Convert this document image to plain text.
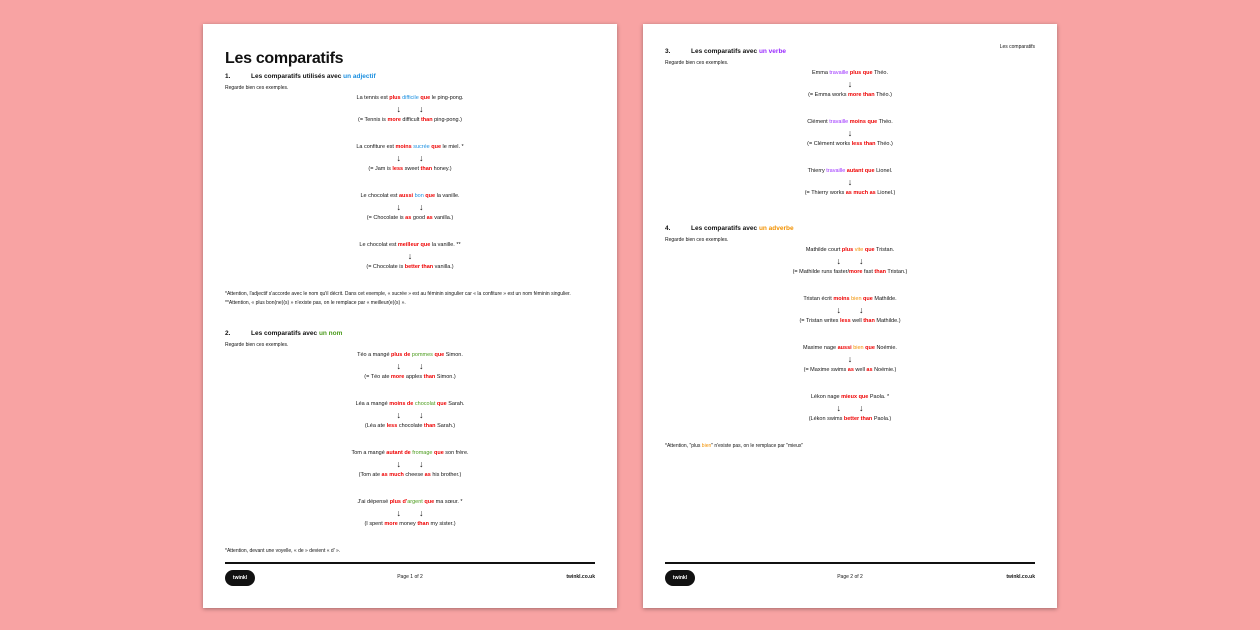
Les comparatifs
1.	Les comparatifs utilisés avec un adjectif
Regarde bien ces exemples.
La tennis est plus difficile que le ping-pong.
↓ ↓
(= Tennis is more difficult than ping-pong.)
La confiture est moins sucrée que le miel. *
↓ ↓
(= Jam is less sweet than honey.)
Le chocolat est aussi bon que la vanille.
↓ ↓
(= Chocolate is as good as vanilla.)
Le chocolat est meilleur que la vanille. **
↓
(= Chocolate is better than vanilla.)
*Attention, l'adjectif s'accorde avec le nom qu'il décrit. Dans cet exemple, « sucrée » est au féminin singulier car « la confiture » est un nom féminin singulier.
**Attention, « plus bon(ne)(s) » n'existe pas, on le remplace par « meilleur(e)(s) ».
2.	Les comparatifs avec un nom
Regarde bien ces exemples.
Téo a mangé plus de pommes que Simon.
↓ ↓
(= Téo ate more apples than Simon.)
Léa a mangé moins de chocolat que Sarah.
↓ ↓
(Léa ate less chocolate than Sarah.)
Tom a mangé autant de fromage que son frère.
↓ ↓
(Tom ate as much cheese as his brother.)
J'ai dépensé plus d'argent que ma sœur. *
↓ ↓
(I spent more money than my sister.)
*Attention, devant une voyelle, « de » devient « d' ».
twinkl	Page 1 of 2	twinkl.co.uk
Les comparatifs
3.	Les comparatifs avec un verbe
Regarde bien ces exemples.
Emma travaille plus que Théo.
↓
(= Emma works more than Théo.)
Clément travaille moins que Théo.
↓
(= Clément works less than Théo.)
Thierry travaille autant que Lionel.
↓
(= Thierry works as much as Lionel.)
4.	Les comparatifs avec un adverbe
Regarde bien ces exemples.
Mathilde court plus vite que Tristan.
↓ ↓
(= Mathilde runs faster/more fast than Tristan.)
Tristan écrit moins bien que Mathilde.
↓ ↓
(= Tristan writes less well than Mathilde.)
Maxime nage aussi bien que Noémie.
↓
(= Maxime swims as well as Noémie.)
Lékon nage mieux que Paola. *
↓ ↓
(Lékon swims better than Paola.)
*Attention, "plus bien" n'existe pas, on le remplace par "mieux"
twinkl	Page 2 of 2	twinkl.co.uk
